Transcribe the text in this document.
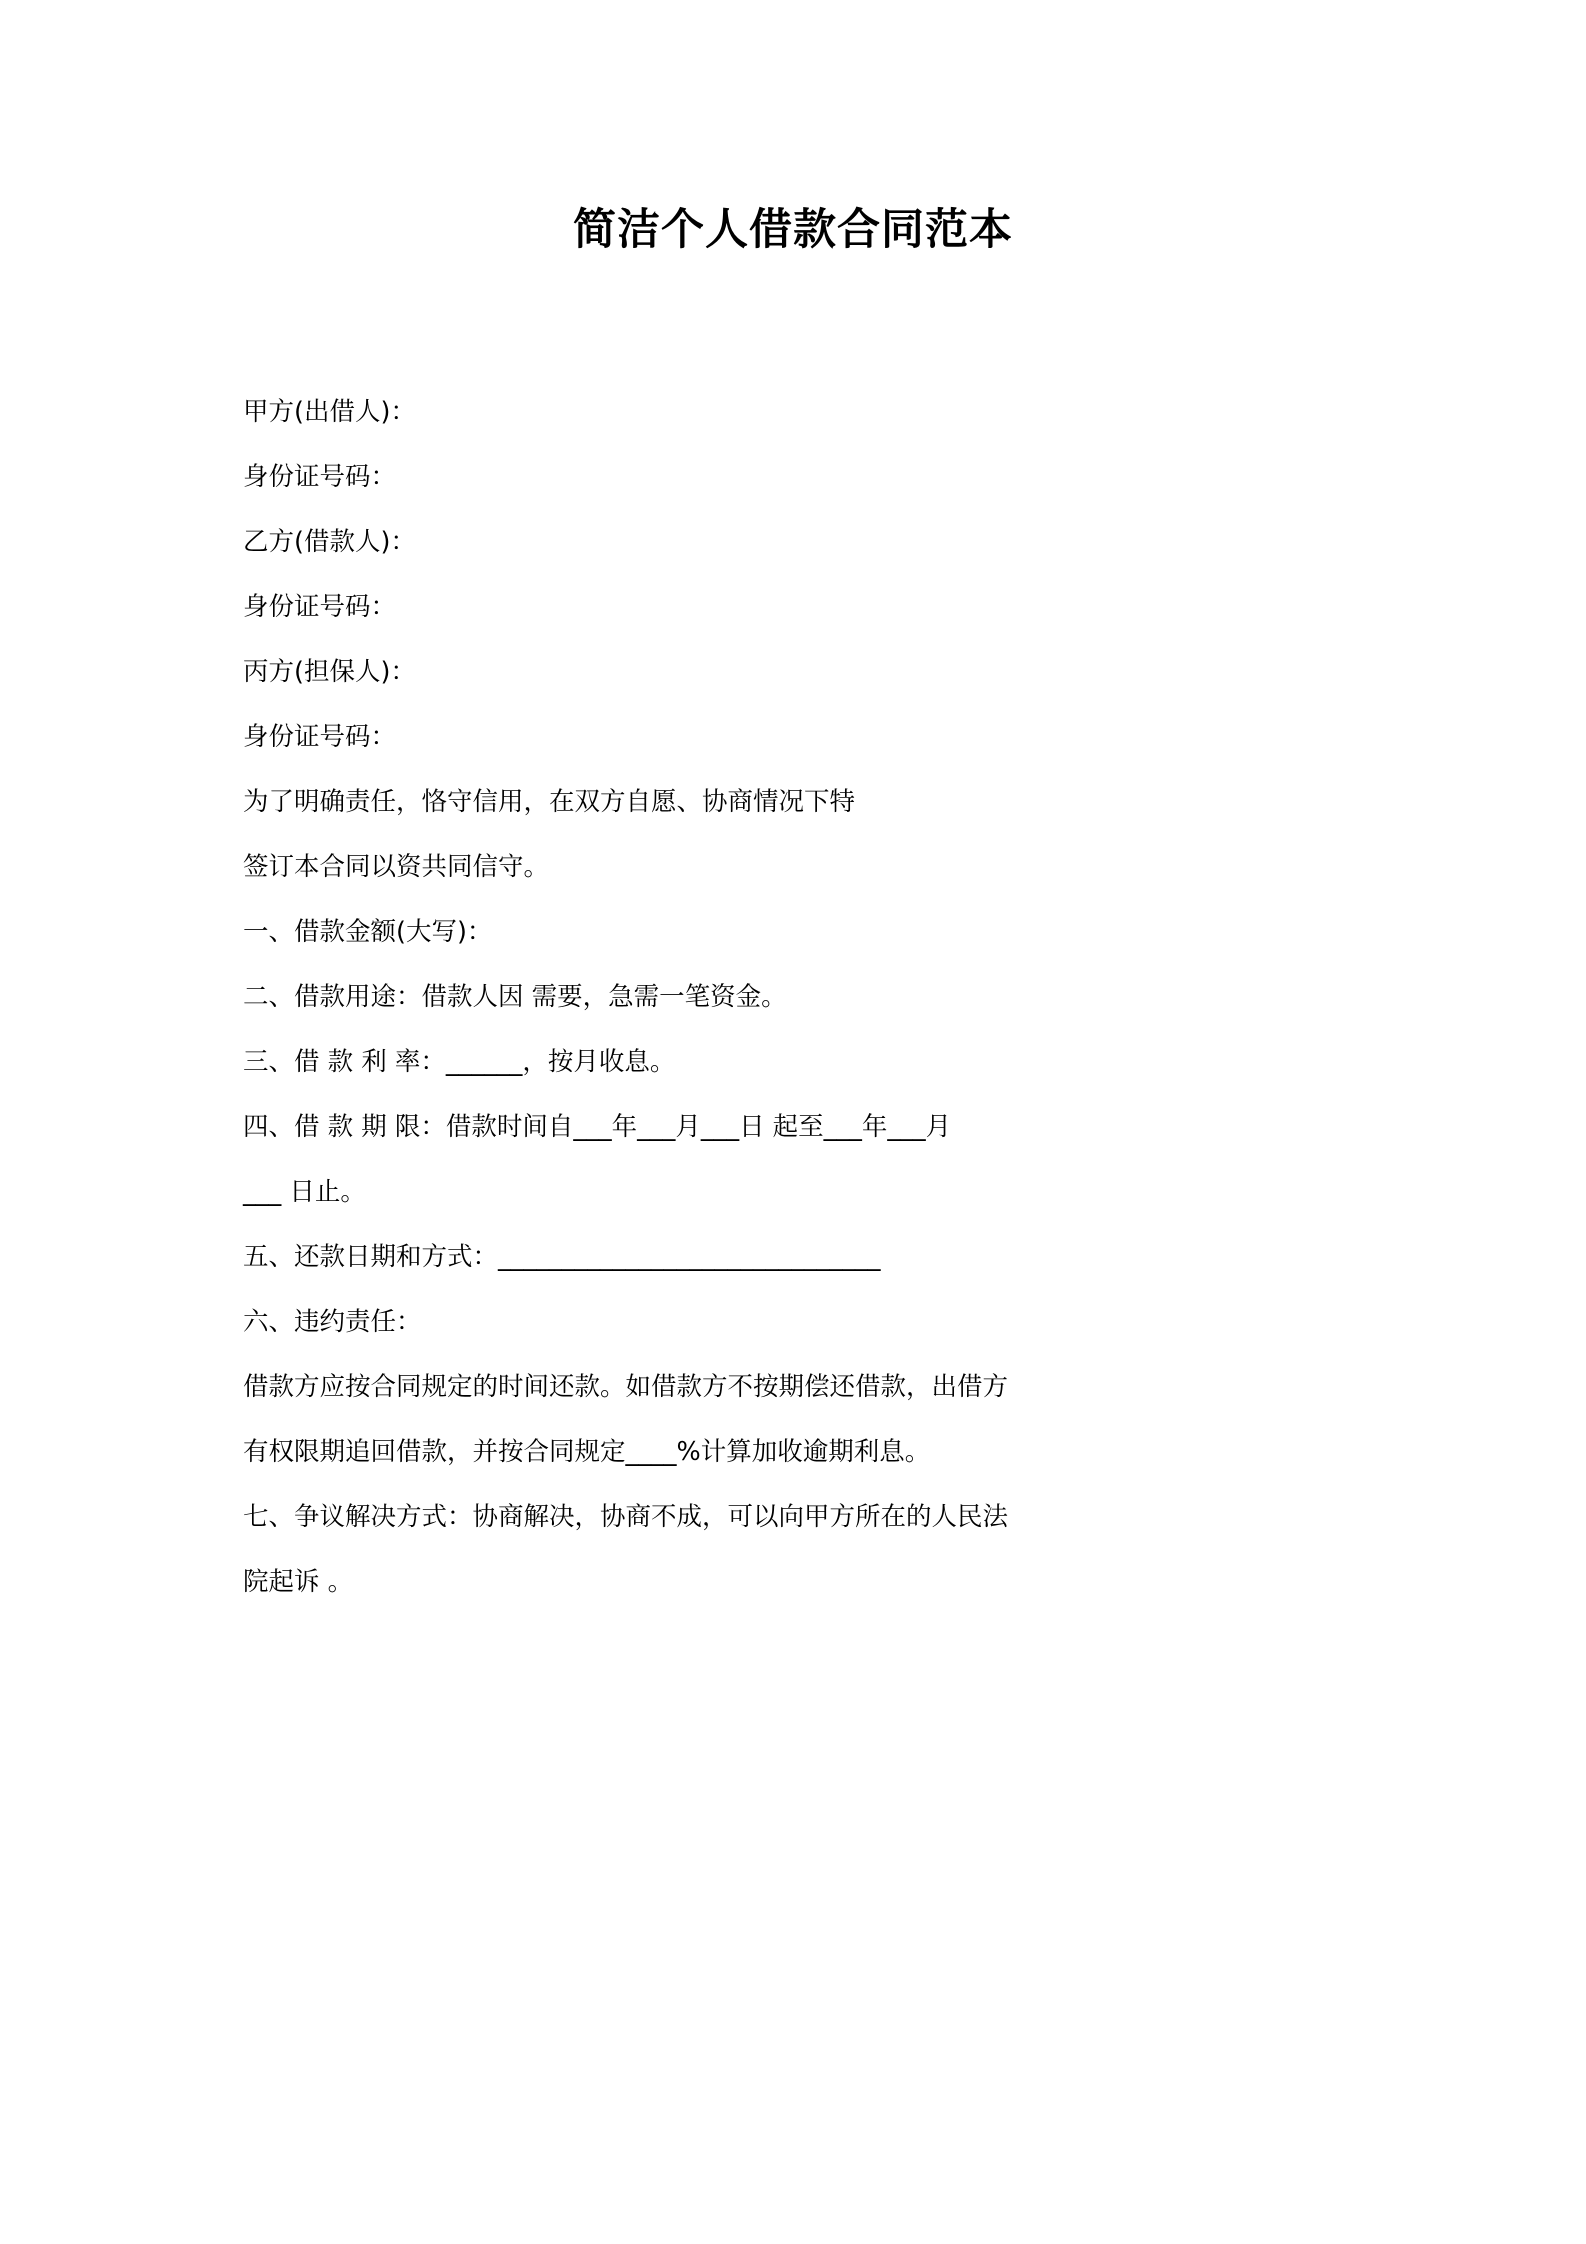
简洁个人借款合同范本

甲方(出借人)：

身份证号码：

乙方(借款人)：

身份证号码：

丙方(担保人)：

身份证号码：

为了明确责任，恪守信用，在双方自愿、协商情况下特

签订本合同以资共同信守。

一、借款金额(大写)：

二、借款用途：借款人因 需要，急需一笔资金。

三、借 款 利 率：______，按月收息。

四、借 款 期 限：借款时间自___年___月___日 起至___年___月

___ 日止。

五、还款日期和方式：______________________________

六、违约责任：

借款方应按合同规定的时间还款。如借款方不按期偿还借款，出借方

有权限期追回借款，并按合同规定____%计算加收逾期利息。

七、争议解决方式：协商解决，协商不成，可以向甲方所在的人民法

院起诉 。
